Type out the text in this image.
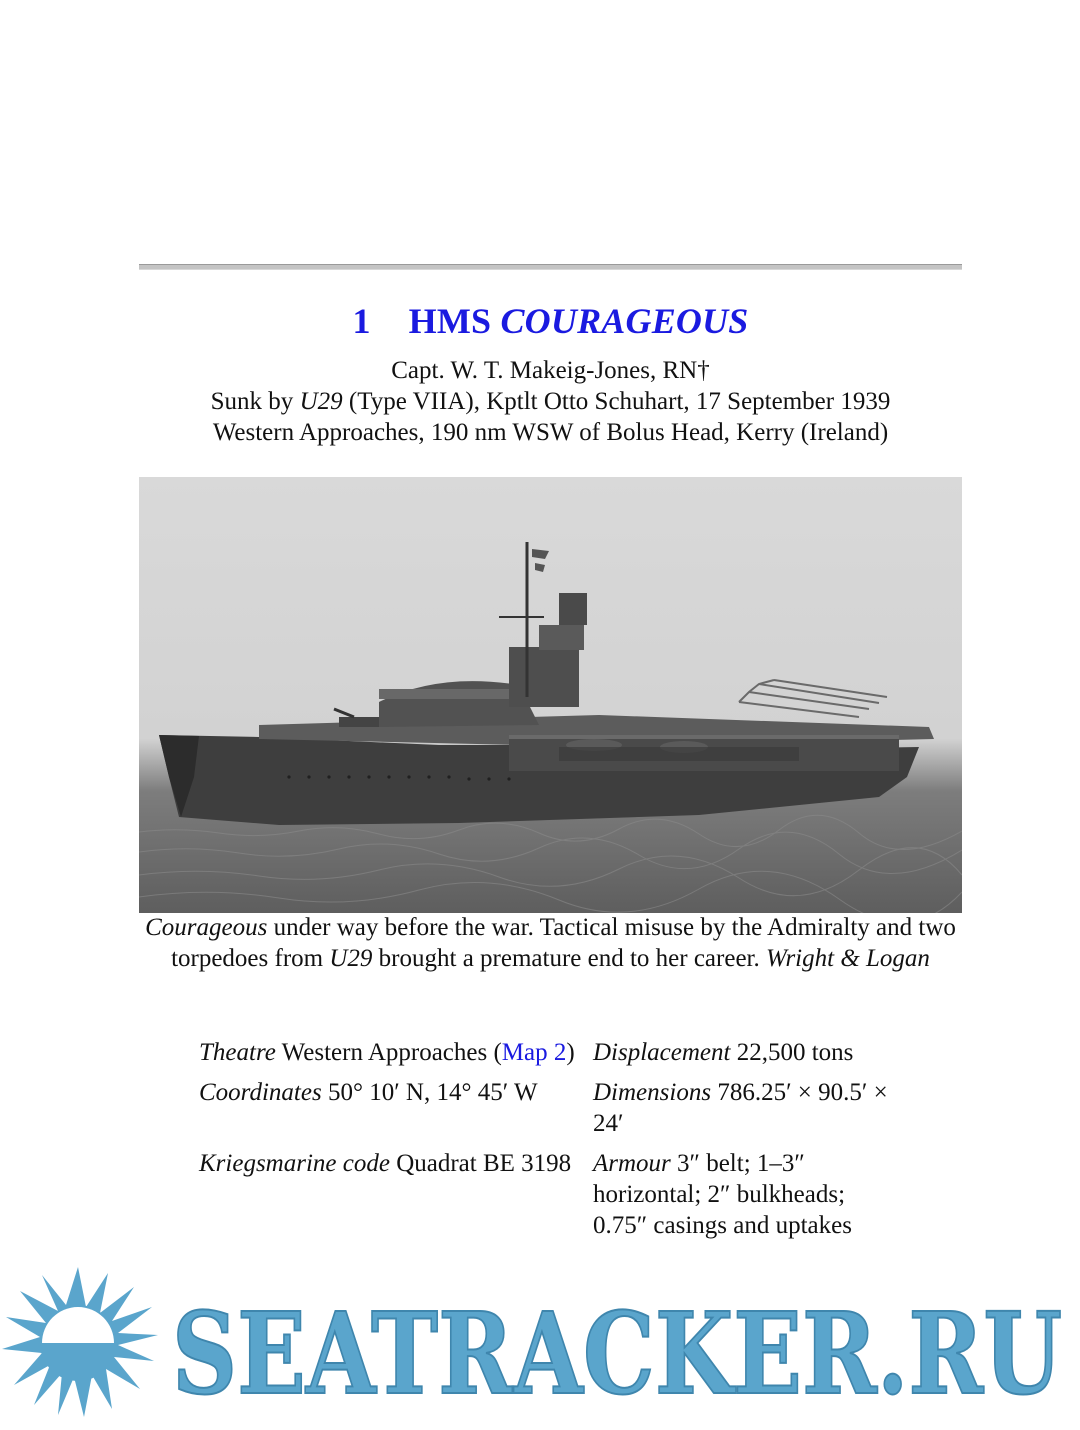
1 HMS COURAGEOUS
Capt. W. T. Makeig-Jones, RN†
Sunk by U29 (Type VIIA), Kptlt Otto Schuhart, 17 September 1939
Western Approaches, 190 nm WSW of Bolus Head, Kerry (Ireland)
Courageous under way before the war. Tactical misuse by the Admiralty and two torpedoes from U29 brought a premature end to her career. Wright & Logan
Theatre Western Approaches (Map 2) Displacement 22,500 tons
Coordinates 50° 10′ N, 14° 45′ W	Dimensions 786.25′ × 90.5′ × 24′
Kriegsmarine code Quadrat BE 3198 Armour 3″ belt; 1–3″ horizontal; 2″ bulkheads; 0.75″ casings and uptakes
SEATRACKER.RU
